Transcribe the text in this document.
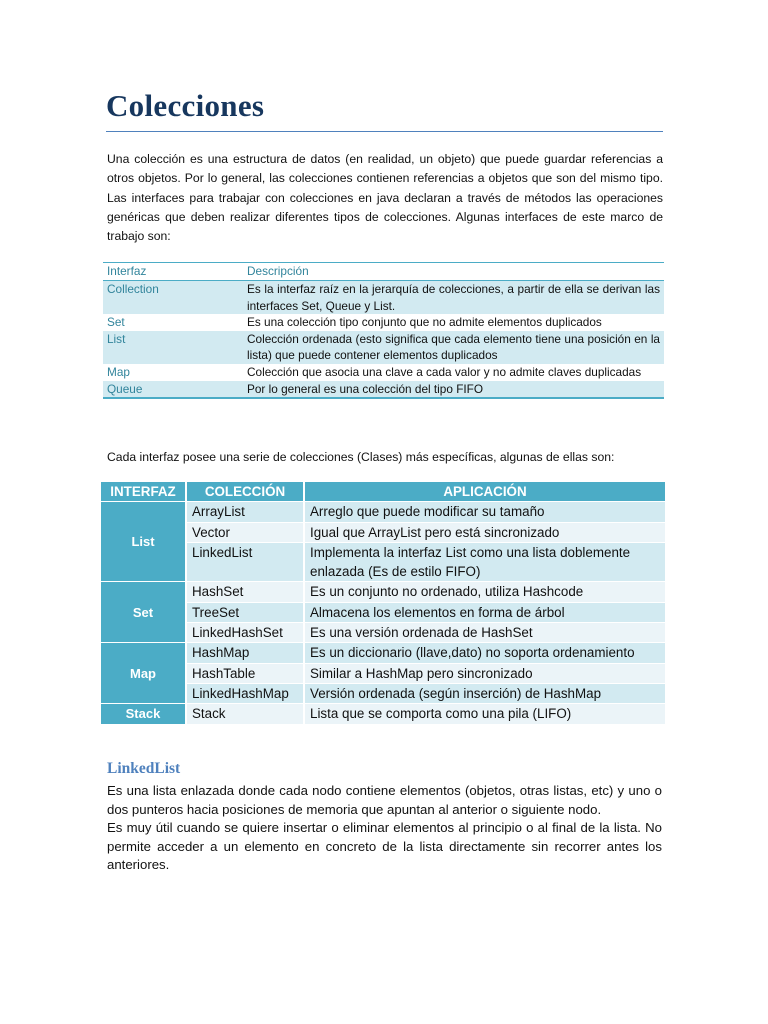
Colecciones
Una colección es una estructura de datos (en realidad, un objeto) que puede guardar referencias a otros objetos. Por lo general, las colecciones contienen referencias a objetos que son del mismo tipo. Las interfaces para trabajar con colecciones en java declaran a través de métodos las operaciones genéricas que deben realizar diferentes tipos de colecciones. Algunas interfaces de este marco de trabajo son:
Interfaz	Descripción
Collection	Es la interfaz raíz en la jerarquía de colecciones, a partir de ella se derivan las interfaces Set, Queue y List.
Set	Es una colección tipo conjunto que no admite elementos duplicados
List	Colección ordenada (esto significa que cada elemento tiene una posición en la lista) que puede contener elementos duplicados
Map	Colección que asocia una clave a cada valor y no admite claves duplicadas
Queue	Por lo general es una colección del tipo FIFO
Cada interfaz posee una serie de colecciones (Clases) más específicas, algunas de ellas son:
INTERFAZ	COLECCIÓN	APLICACIÓN
List	ArrayList	Arreglo que puede modificar su tamaño
	Vector	Igual que ArrayList pero está sincronizado
	LinkedList	Implementa la interfaz List como una lista doblemente enlazada (Es de estilo FIFO)
Set	HashSet	Es un conjunto no ordenado, utiliza Hashcode
	TreeSet	Almacena los elementos en forma de árbol
	LinkedHashSet	Es una versión ordenada de HashSet
Map	HashMap	Es un diccionario (llave,dato) no soporta ordenamiento
	HashTable	Similar a HashMap pero sincronizado
	LinkedHashMap	Versión ordenada (según inserción) de HashMap
Stack	Stack	Lista que se comporta como una pila (LIFO)
LinkedList

Es una lista enlazada donde cada nodo contiene elementos (objetos, otras listas, etc) y uno o dos punteros hacia posiciones de memoria que apuntan al anterior o siguiente nodo.

Es muy útil cuando se quiere insertar o eliminar elementos al principio o al final de la lista. No permite acceder a un elemento en concreto de la lista directamente sin recorrer antes los anteriores.
